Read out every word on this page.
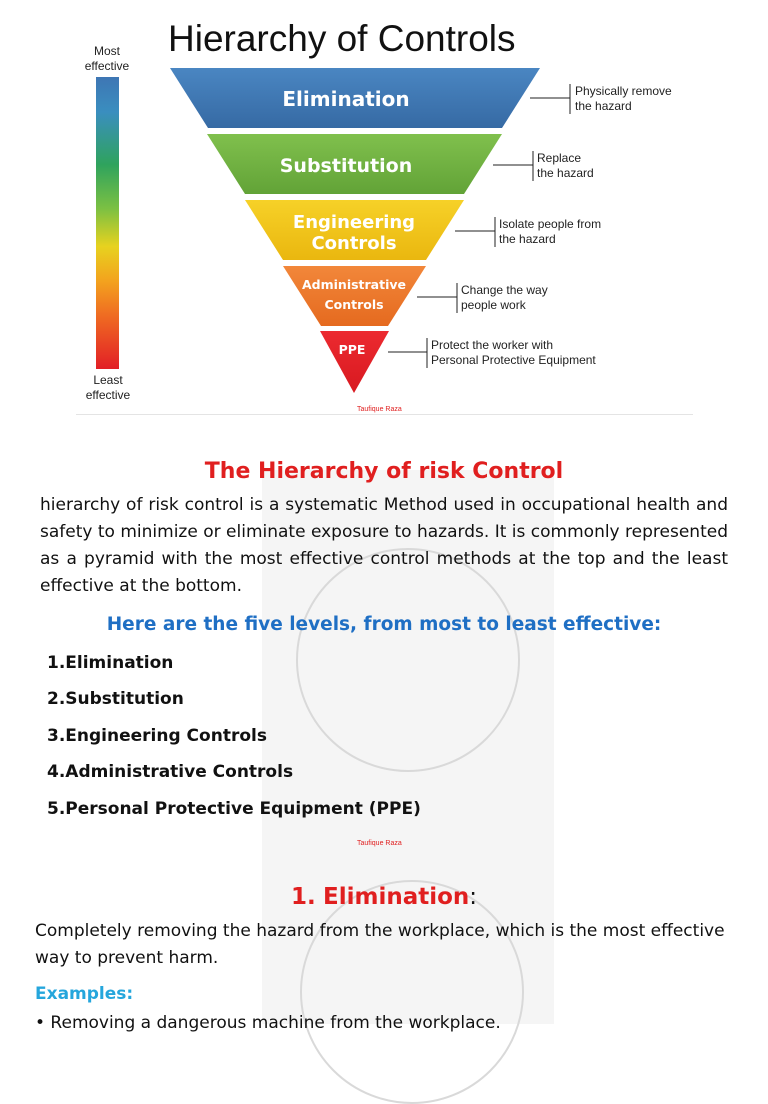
Hierarchy of Controls
Most
effective
Least
effective
Elimination
Substitution
Engineering
Controls
Administrative
Controls
PPE
Physically remove
the hazard
Replace
the hazard
Isolate people from
the hazard
Change the way
people work
Protect the worker with
Personal Protective Equipment
Taufique Raza
The Hierarchy of risk Control
hierarchy of risk control is a systematic Method used in occupational health and safety to minimize or eliminate exposure to hazards. It is commonly represented as a pyramid with the most effective control methods at the top and the least effective at the bottom.
Here are the five levels, from most to least effective:
1.Elimination
2.Substitution
3.Engineering Controls
4.Administrative Controls
5.Personal Protective Equipment (PPE)
Taufique Raza
1. Elimination:
Completely removing the hazard from the workplace, which is the most effective way to prevent harm.
Examples:
• Removing a dangerous machine from the workplace.
